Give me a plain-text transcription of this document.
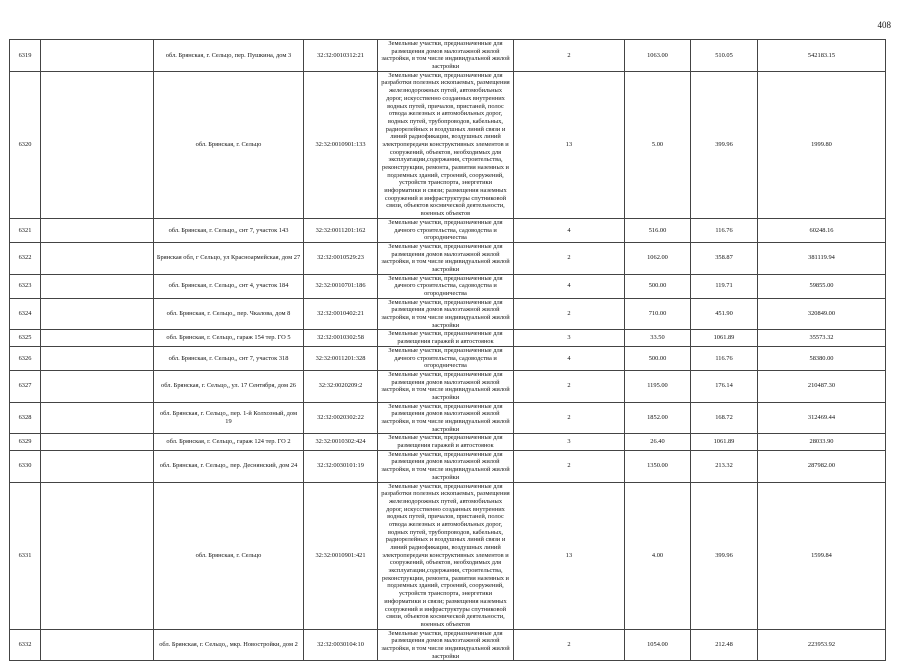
408
6319		обл. Брянская, г. Сельцо, пер. Пушкина, дом 3	32:32:0010312:21	Земельные участки, предназначенные для размещения домов малоэтажной жилой застройки, в том числе индивидуальной жилой застройки	2	1063.00	510.05	542183.15
6320		обл. Брянская, г. Сельцо	32:32:0010901:133	Земельные участки, предназначенные для разработки полезных ископаемых, размещения железнодорожных путей, автомобильных дорог, искусственно созданных внутренних водных путей, причалов, пристаней, полос отвода железных и автомобильных дорог, водных путей, трубопроводов, кабельных, радиорелейных и воздушных линий связи и линий радиофикации, воздушных линий электропередачи конструктивных элементов и сооружений, объектов, необходимых для эксплуатации,содержания, строительства, реконструкции, ремонта, развития наземных и подземных зданий, строений, сооружений, устройств транспорта, энергетики информатики и связи; размещения наземных сооружений и инфраструктуры спутниковой связи, объектов космической деятельности, военных объектов	13	5.00	399.96	1999.80
6321		обл. Брянская, г. Сельцо,, снт 7, участок 143	32:32:0011201:162	Земельные участки, предназначенные для дачного строительства, садоводства и огородничества	4	516.00	116.76	60248.16
6322		Брянская обл, г Сельцо, ул Красноармейская, дом 27	32:32:0010529:23	Земельные участки, предназначенные для размещения домов малоэтажной жилой застройки, в том числе индивидуальной жилой застройки	2	1062.00	358.87	381119.94
6323		обл. Брянская, г. Сельцо,, снт 4, участок 184	32:32:0010701:186	Земельные участки, предназначенные для дачного строительства, садоводства и огородничества	4	500.00	119.71	59855.00
6324		обл. Брянская, г. Сельцо,, пер. Чкалова, дом 8	32:32:0010402:21	Земельные участки, предназначенные для размещения домов малоэтажной жилой застройки, в том числе индивидуальной жилой застройки	2	710.00	451.90	320849.00
6325		обл. Брянская, г. Сельцо,, гараж 154 тер. ГО 5	32:32:0010302:58	Земельные участки, предназначенные для размещения гаражей и автостоянок	3	33.50	1061.89	35573.32
6326		обл. Брянская, г. Сельцо,, снт 7, участок 318	32:32:0011201:328	Земельные участки, предназначенные для дачного строительства, садоводства и огородничества	4	500.00	116.76	58380.00
6327		обл. Брянская, г. Сельцо,, ул. 17 Сентября, дом 26	32:32:0020209:2	Земельные участки, предназначенные для размещения домов малоэтажной жилой застройки, в том числе индивидуальной жилой застройки	2	1195.00	176.14	210487.30
6328		обл. Брянская, г. Сельцо,, пер. 1-й Колхозный, дом 19	32:32:0020302:22	Земельные участки, предназначенные для размещения домов малоэтажной жилой застройки, в том числе индивидуальной жилой застройки	2	1852.00	168.72	312469.44
6329		обл. Брянская, г. Сельцо,, гараж 124 тер. ГО 2	32:32:0010302:424	Земельные участки, предназначенные для размещения гаражей и автостоянок	3	26.40	1061.89	28033.90
6330		обл. Брянская, г. Сельцо,, пер. Деснянский, дом 24	32:32:0030101:19	Земельные участки, предназначенные для размещения домов малоэтажной жилой застройки, в том числе индивидуальной жилой застройки	2	1350.00	213.32	287982.00
6331		обл. Брянская, г. Сельцо	32:32:0010901:421	Земельные участки, предназначенные для разработки полезных ископаемых, размещения железнодорожных путей, автомобильных дорог, искусственно созданных внутренних водных путей, причалов, пристаней, полос отвода железных и автомобильных дорог, водных путей, трубопроводов, кабельных, радиорелейных и воздушных линий связи и линий радиофикации, воздушных линий электропередачи конструктивных элементов и сооружений, объектов, необходимых для эксплуатации,содержания, строительства, реконструкции, ремонта, развития наземных и подземных зданий, строений, сооружений, устройств транспорта, энергетики информатики и связи; размещения наземных сооружений и инфраструктуры спутниковой связи, объектов космической деятельности, военных объектов	13	4.00	399.96	1599.84
6332		обл. Брянская, г. Сельцо,, мкр. Новостройки, дом 2	32:32:0030104:10	Земельные участки, предназначенные для размещения домов малоэтажной жилой застройки, в том числе индивидуальной жилой застройки	2	1054.00	212.48	223953.92
